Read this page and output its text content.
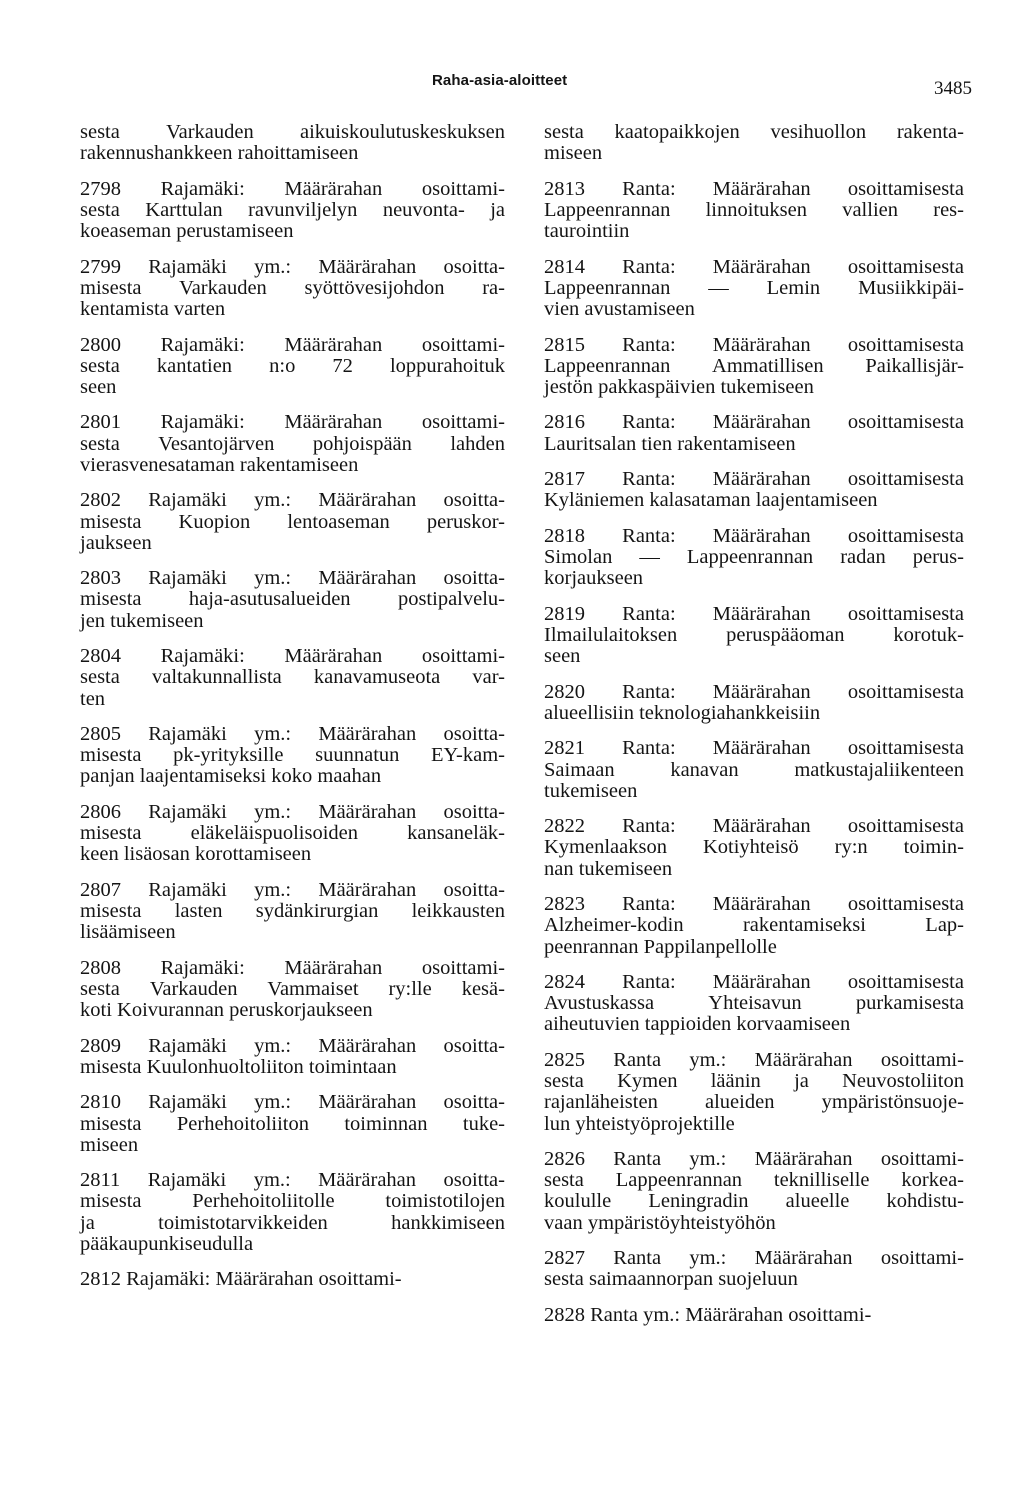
Raha-asia-aloitteet	3485

sesta Varkauden aikuiskoulutuskeskuksen
rakennushankkeen rahoittamiseen

2798 Rajamäki: Määrärahan osoittami-
sesta Karttulan ravunviljelyn neuvonta- ja
koeaseman perustamiseen

2799 Rajamäki ym.: Määrärahan osoitta-
misesta Varkauden syöttövesijohdon ra-
kentamista varten

2800 Rajamäki: Määrärahan osoittami-
sesta kantatien n:o 72 loppurahoituk
seen

2801 Rajamäki: Määrärahan osoittami-
sesta Vesantojärven pohjoispään lahden
vierasvenesataman rakentamiseen

2802 Rajamäki ym.: Määrärahan osoitta-
misesta Kuopion lentoaseman peruskor-
jaukseen

2803 Rajamäki ym.: Määrärahan osoitta-
misesta haja-asutusalueiden postipalvelu-
jen tukemiseen

2804 Rajamäki: Määrärahan osoittami-
sesta valtakunnallista kanavamuseota var-
ten

2805 Rajamäki ym.: Määrärahan osoitta-
misesta pk-yrityksille suunnatun EY-kam-
panjan laajentamiseksi koko maahan

2806 Rajamäki ym.: Määrärahan osoitta-
misesta eläkeläispuolisoiden kansaneläk-
keen lisäosan korottamiseen

2807 Rajamäki ym.: Määrärahan osoitta-
misesta lasten sydänkirurgian leikkausten
lisäämiseen

2808 Rajamäki: Määrärahan osoittami-
sesta Varkauden Vammaiset ry:lle kesä-
koti Koivurannan peruskorjaukseen

2809 Rajamäki ym.: Määrärahan osoitta-
misesta Kuulonhuoltoliiton toimintaan

2810 Rajamäki ym.: Määrärahan osoitta-
misesta Perhehoitoliiton toiminnan tuke-
miseen

2811 Rajamäki ym.: Määrärahan osoitta-
misesta Perhehoitoliitolle toimistotilojen
ja	toimistotarvikkeiden	hankkimiseen
pääkaupunkiseudulla

2812 Rajamäki: Määrärahan osoittami-

sesta kaatopaikkojen vesihuollon rakenta-
miseen

2813 Ranta: Määrärahan osoittamisesta
Lappeenrannan linnoituksen vallien res-
taurointiin

2814 Ranta: Määrärahan osoittamisesta
Lappeenrannan — Lemin Musiikkipäi-
vien avustamiseen

2815 Ranta: Määrärahan osoittamisesta
Lappeenrannan Ammatillisen Paikallisjär-
jestön pakkaspäivien tukemiseen

2816 Ranta: Määrärahan osoittamisesta
Lauritsalan tien rakentamiseen

2817 Ranta: Määrärahan osoittamisesta
Kyläniemen kalasataman laajentamiseen

2818 Ranta: Määrärahan osoittamisesta
Simolan — Lappeenrannan radan perus-
korjaukseen

2819 Ranta: Määrärahan osoittamisesta
Ilmailulaitoksen peruspääoman korotuk-
seen

2820 Ranta: Määrärahan osoittamisesta
alueellisiin teknologiahankkeisiin

2821 Ranta: Määrärahan osoittamisesta
Saimaan	kanavan	matkustajaliikenteen
tukemiseen

2822 Ranta: Määrärahan osoittamisesta
Kymenlaakson Kotiyhteisö ry:n toimin-
nan tukemiseen

2823 Ranta: Määrärahan osoittamisesta
Alzheimer-kodin	rakentamiseksi	Lap-
peenrannan Pappilanpellolle

2824 Ranta: Määrärahan osoittamisesta
Avustuskassa	Yhteisavun	purkamisesta
aiheutuvien tappioiden korvaamiseen

2825 Ranta ym.: Määrärahan osoittami-
sesta Kymen läänin ja Neuvostoliiton
rajanläheisten alueiden ympäristönsuoje-
lun yhteistyöprojektille

2826 Ranta ym.: Määrärahan osoittami-
sesta Lappeenrannan teknilliselle korkea-
koululle Leningradin alueelle kohdistu-
vaan ympäristöyhteistyöhön

2827 Ranta ym.: Määrärahan osoittami-
sesta saimaannorpan suojeluun

2828 Ranta ym.: Määrärahan osoittami-
